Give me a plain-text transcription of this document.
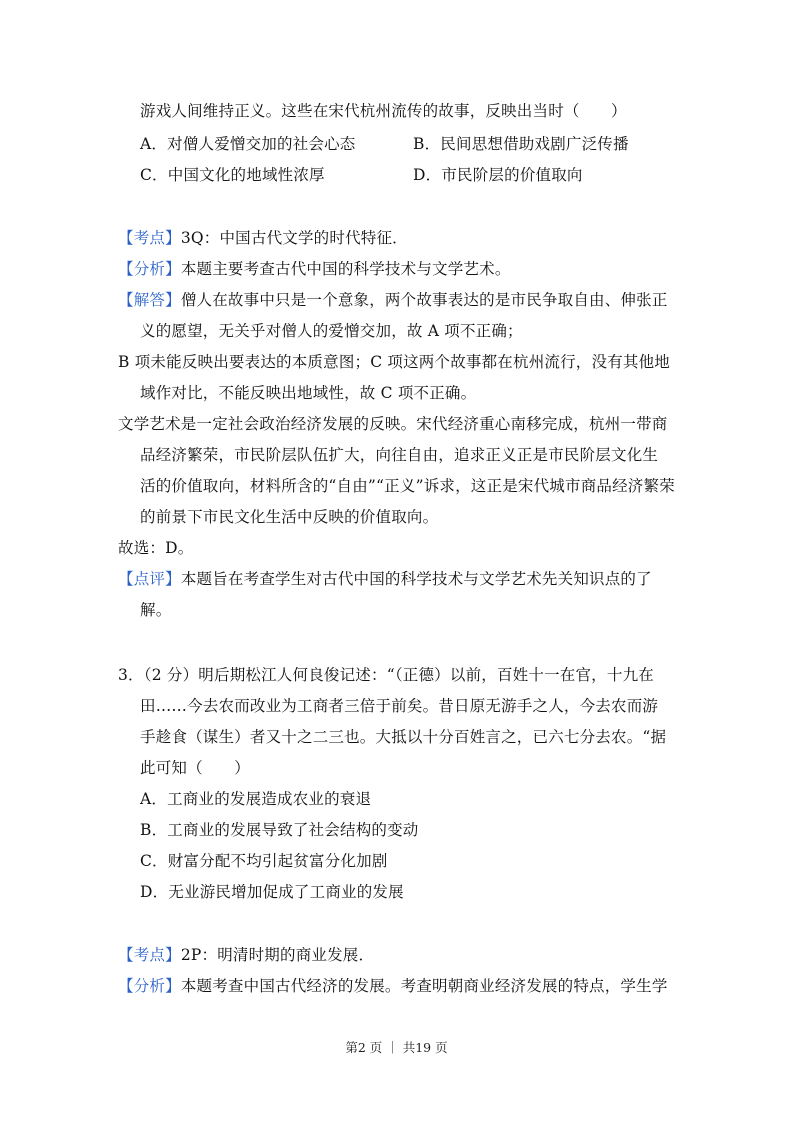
游戏人间维持正义。这些在宋代杭州流传的故事，反映出当时（　　）
A．对僧人爱憎交加的社会心态	B．民间思想借助戏剧广泛传播
C．中国文化的地域性浓厚	D．市民阶层的价值取向
【考点】3Q：中国古代文学的时代特征．
【分析】本题主要考查古代中国的科学技术与文学艺术。
【解答】僧人在故事中只是一个意象，两个故事表达的是市民争取自由、伸张正
义的愿望，无关乎对僧人的爱憎交加，故 A 项不正确；
B 项未能反映出要表达的本质意图；C 项这两个故事都在杭州流行，没有其他地
域作对比，不能反映出地域性，故 C 项不正确。
文学艺术是一定社会政治经济发展的反映。宋代经济重心南移完成，杭州一带商
品经济繁荣，市民阶层队伍扩大，向往自由，追求正义正是市民阶层文化生
活的价值取向，材料所含的“自由”“正义”诉求，这正是宋代城市商品经济繁荣
的前景下市民文化生活中反映的价值取向。
故选：D。
【点评】本题旨在考查学生对古代中国的科学技术与文学艺术先关知识点的了
解。
3．（2 分）明后期松江人何良俊记述：“（正德）以前，百姓十一在官，十九在
田……今去农而改业为工商者三倍于前矣。昔日原无游手之人，今去农而游
手趁食（谋生）者又十之二三也。大抵以十分百姓言之，已六七分去农。“据
此可知（　　）
A．工商业的发展造成农业的衰退
B．工商业的发展导致了社会结构的变动
C．财富分配不均引起贫富分化加剧
D．无业游民增加促成了工商业的发展
【考点】2P：明清时期的商业发展．
【分析】本题考查中国古代经济的发展。考查明朝商业经济发展的特点，学生学
第2 页 ｜ 共19 页
